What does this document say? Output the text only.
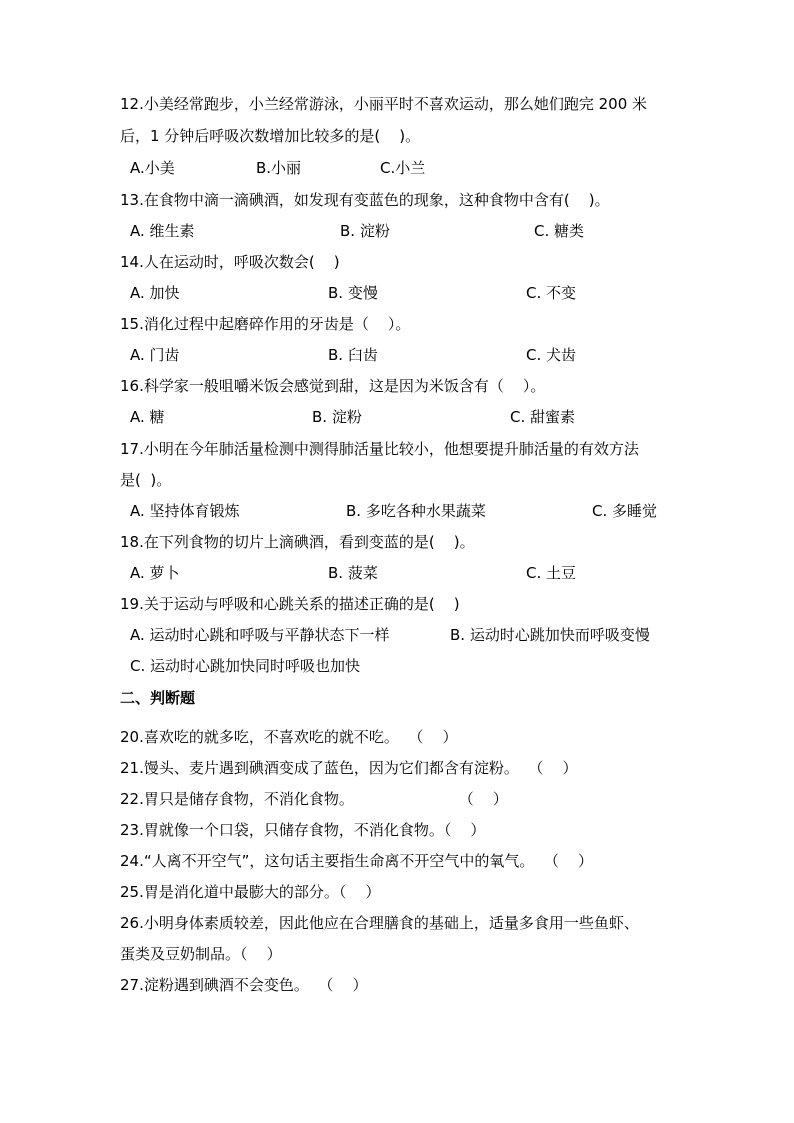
12.小美经常跑步，小兰经常游泳，小丽平时不喜欢运动，那么她们跑完 200 米
后，1 分钟后呼吸次数增加比较多的是(    )。
A.小美	B.小丽	C.小兰
13.在食物中滴一滴碘酒，如发现有变蓝色的现象，这种食物中含有(    )。
A. 维生素	B. 淀粉	C. 糖类
14.人在运动时，呼吸次数会(    )
A. 加快	B. 变慢	C. 不变
15.消化过程中起磨碎作用的牙齿是（    ）。
A. 门齿	B. 臼齿	C. 犬齿
16.科学家一般咀嚼米饭会感觉到甜，这是因为米饭含有（    ）。
A. 糖	B. 淀粉	C. 甜蜜素
17.小明在今年肺活量检测中测得肺活量比较小，他想要提升肺活量的有效方法
是(  )。
A. 坚持体育锻炼	B. 多吃各种水果蔬菜	C. 多睡觉
18.在下列食物的切片上滴碘酒，看到变蓝的是(    )。
A. 萝卜	B. 菠菜	C. 土豆
19.关于运动与呼吸和心跳关系的描述正确的是(    )
A. 运动时心跳和呼吸与平静状态下一样	B. 运动时心跳加快而呼吸变慢
C. 运动时心跳加快同时呼吸也加快
二、判断题
20.喜欢吃的就多吃，不喜欢吃的就不吃。  （    ）
21.馒头、麦片遇到碘酒变成了蓝色，因为它们都含有淀粉。  （    ）
22.胃只是储存食物，不消化食物。                      （    ）
23.胃就像一个口袋，只储存食物，不消化食物。（    ）
24.“人离不开空气”，这句话主要指生命离不开空气中的氧气。  （    ）
25.胃是消化道中最膨大的部分。（    ）
26.小明身体素质较差，因此他应在合理膳食的基础上，适量多食用一些鱼虾、
蛋类及豆奶制品。（    ）
27.淀粉遇到碘酒不会变色。  （    ）
